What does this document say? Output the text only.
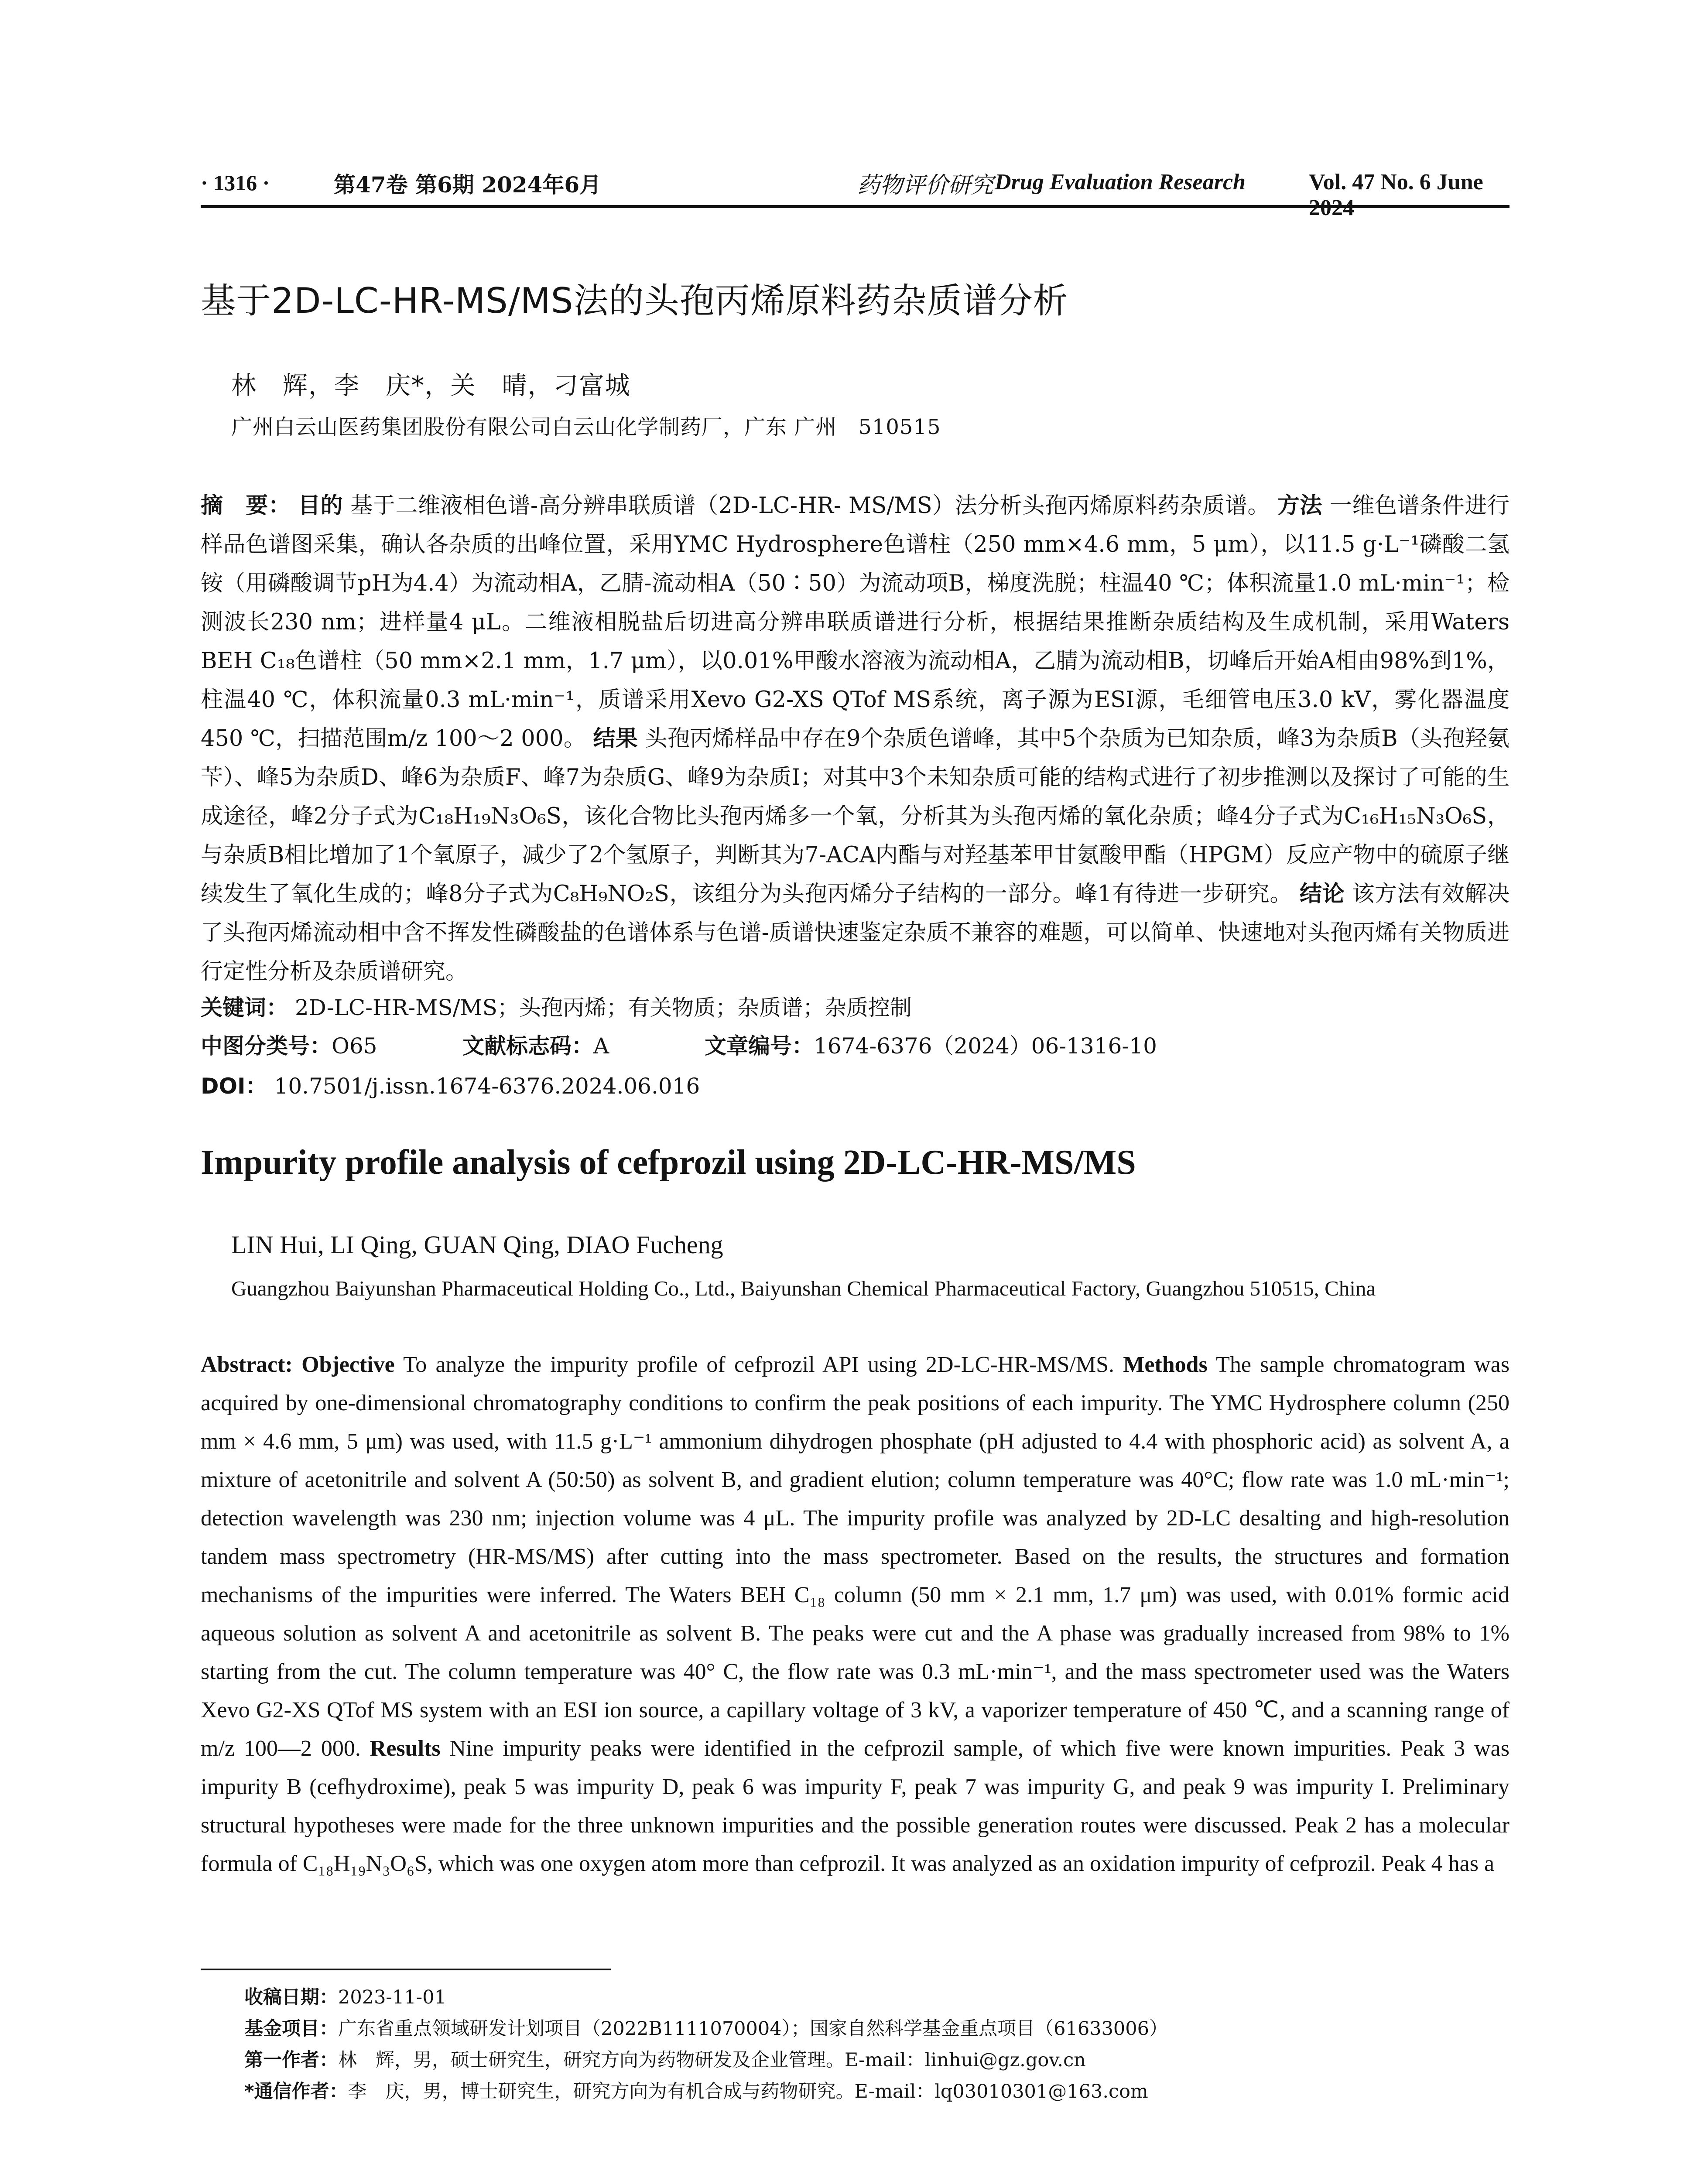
· 1316 ·	第47卷 第6期 2024年6月	药物评价研究 Drug Evaluation Research	Vol. 47 No. 6 June
基于2D-LC-HR-MS/MS法的头孢丙烯原料药杂质谱分析
林　辉，李　庆*，关　晴，刁富城
广州白云山医药集团股份有限公司白云山化学制药厂，广东 广州　510515
摘　要： 目的 基于二维液相色谱-高分辨串联质谱（2D-LC-HR- MS/MS）法分析头孢丙烯原料药杂质谱。 方法 一维色谱条件进行样品色谱图采集，确认各杂质的出峰位置，采用YMC Hydrosphere色谱柱（250 mm×4.6 mm，5 μm），以11.5 g·L⁻¹磷酸二氢铵（用磷酸调节pH为4.4）为流动相A，乙腈-流动相A（50∶50）为流动项B，梯度洗脱；柱温40 ℃；体积流量1.0 mL·min⁻¹；检测波长230 nm；进样量4 μL。二维液相脱盐后切进高分辨串联质谱进行分析，根据结果推断杂质结构及生成机制，采用Waters BEH C₁₈色谱柱（50 mm×2.1 mm，1.7 μm），以0.01%甲酸水溶液为流动相A，乙腈为流动相B，切峰后开始A相由98%到1%，柱温40 ℃，体积流量0.3 mL·min⁻¹，质谱采用Xevo G2-XS QTof MS系统，离子源为ESI源，毛细管电压3.0 kV，雾化器温度450 ℃，扫描范围m/z 100～2 000。 结果 头孢丙烯样品中存在9个杂质色谱峰，其中5个杂质为已知杂质，峰3为杂质B（头孢羟氨苄）、峰5为杂质D、峰6为杂质F、峰7为杂质G、峰9为杂质I；对其中3个未知杂质可能的结构式进行了初步推测以及探讨了可能的生成途径，峰2分子式为C₁₈H₁₉N₃O₆S，该化合物比头孢丙烯多一个氧，分析其为头孢丙烯的氧化杂质；峰4分子式为C₁₆H₁₅N₃O₆S，与杂质B相比增加了1个氧原子，减少了2个氢原子，判断其为7-ACA内酯与对羟基苯甲甘氨酸甲酯（HPGM）反应产物中的硫原子继续发生了氧化生成的；峰8分子式为C₈H₉NO₂S，该组分为头孢丙烯分子结构的一部分。峰1有待进一步研究。 结论 该方法有效解决了头孢丙烯流动相中含不挥发性磷酸盐的色谱体系与色谱-质谱快速鉴定杂质不兼容的难题，可以简单、快速地对头孢丙烯有关物质进行定性分析及杂质谱研究。
关键词： 2D-LC-HR-MS/MS；头孢丙烯；有关物质；杂质谱；杂质控制
中图分类号：O65	文献标志码：A	文章编号：1674-6376（2024）06-1316-10
DOI： 10.7501/j.issn.1674-6376.2024.06.016
Impurity profile analysis of cefprozil using 2D-LC-HR-MS/MS
LIN Hui, LI Qing, GUAN Qing, DIAO Fucheng
Guangzhou Baiyunshan Pharmaceutical Holding Co., Ltd., Baiyunshan Chemical Pharmaceutical Factory, Guangzhou 510515, China
Abstract: Objective To analyze the impurity profile of cefprozil API using 2D-LC-HR-MS/MS. Methods The sample chromatogram was acquired by one-dimensional chromatography conditions to confirm the peak positions of each impurity. The YMC Hydrosphere column (250 mm × 4.6 mm, 5 μm) was used, with 11.5 g·L⁻¹ ammonium dihydrogen phosphate (pH adjusted to 4.4 with phosphoric acid) as solvent A, a mixture of acetonitrile and solvent A (50:50) as solvent B, and gradient elution; column temperature was 40°C; flow rate was 1.0 mL·min⁻¹; detection wavelength was 230 nm; injection volume was 4 μL. The impurity profile was analyzed by 2D-LC desalting and high-resolution tandem mass spectrometry (HR-MS/MS) after cutting into the mass spectrometer. Based on the results, the structures and formation mechanisms of the impurities were inferred. The Waters BEH C₁₈ column (50 mm × 2.1 mm, 1.7 μm) was used, with 0.01% formic acid aqueous solution as solvent A and acetonitrile as solvent B. The peaks were cut and the A phase was gradually increased from 98% to 1% starting from the cut. The column temperature was 40° C, the flow rate was 0.3 mL·min⁻¹, and the mass spectrometer used was the Waters Xevo G2-XS QTof MS system with an ESI ion source, a capillary voltage of 3 kV, a vaporizer temperature of 450 ℃, and a scanning range of m/z 100—2 000. Results Nine impurity peaks were identified in the cefprozil sample, of which five were known impurities. Peak 3 was impurity B (cefhydroxime), peak 5 was impurity D, peak 6 was impurity F, peak 7 was impurity G, and peak 9 was impurity I. Preliminary structural hypotheses were made for the three unknown impurities and the possible generation routes were discussed. Peak 2 has a molecular formula of C₁₈H₁₉N₃O₆S, which was one oxygen atom more than cefprozil. It was analyzed as an oxidation impurity of cefprozil. Peak 4 has a
收稿日期：2023-11-01
基金项目：广东省重点领域研发计划项目（2022B1111070004）；国家自然科学基金重点项目（61633006）
第一作者：林　辉，男，硕士研究生，研究方向为药物研发及企业管理。E-mail：linhui@gz.gov.cn
*通信作者：李　庆，男，博士研究生，研究方向为有机合成与药物研究。E-mail：lq03010301@163.com
